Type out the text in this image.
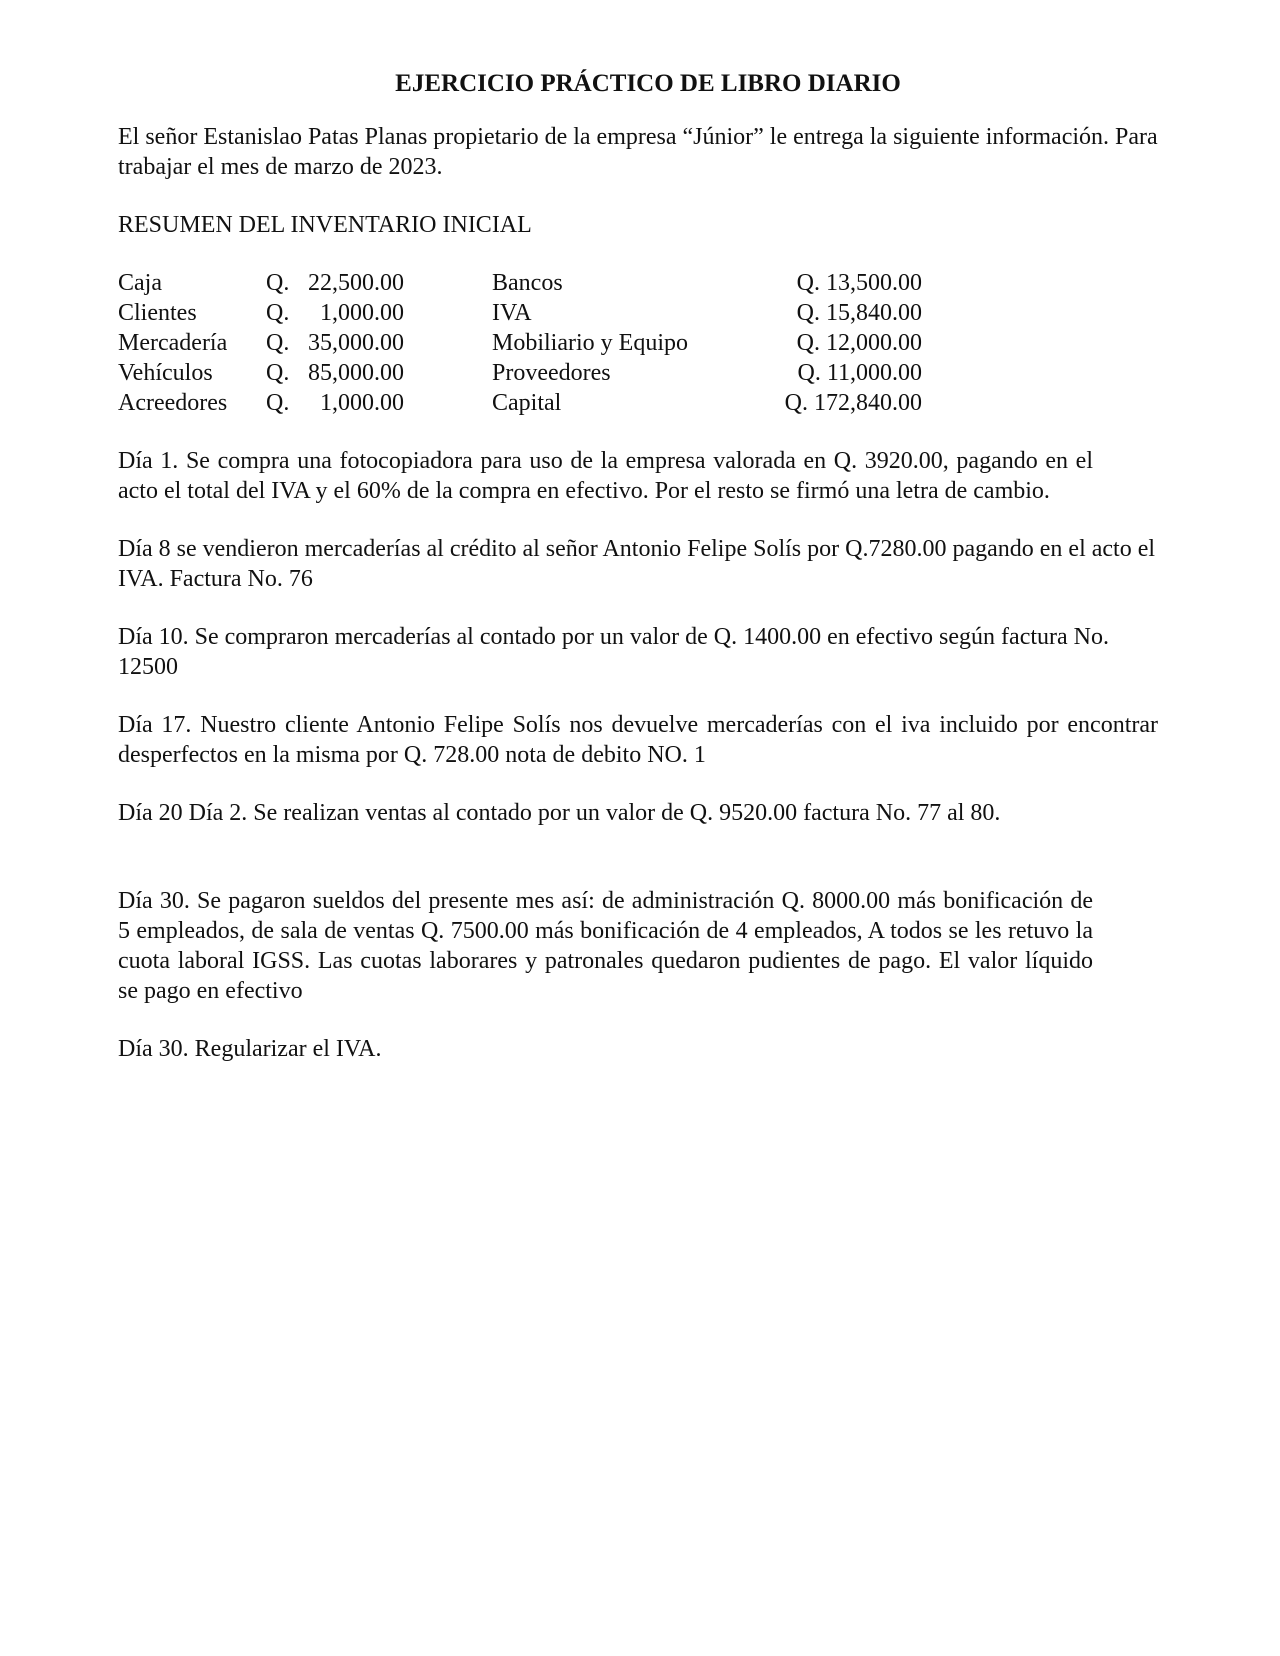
EJERCICIO PRÁCTICO DE LIBRO DIARIO

El señor Estanislao Patas Planas propietario de la empresa “Júnior” le entrega la siguiente información. Para trabajar el mes de marzo de 2023.

RESUMEN DEL INVENTARIO INICIAL

Caja	Q. 22,500.00	Bancos	Q. 13,500.00
Clientes	Q.	1,000.00	IVA	Q. 15,840.00
Mercadería	Q. 35,000.00	Mobiliario y Equipo	Q. 12,000.00
Vehículos	Q. 85,000.00	Proveedores	Q. 11,000.00
Acreedores	Q.	1,000.00	Capital	Q. 172,840.00

Día 1. Se compra una fotocopiadora para uso de la empresa valorada en Q. 3920.00, pagando en el acto el total del IVA y el 60% de la compra en efectivo. Por el resto se firmó una letra de cambio.

Día 8 se vendieron mercaderías al crédito al señor Antonio Felipe Solís por Q.7280.00 pagando en el acto el IVA. Factura No. 76

Día 10. Se compraron mercaderías al contado por un valor de Q. 1400.00 en efectivo según factura No. 12500

Día 17. Nuestro cliente Antonio Felipe Solís nos devuelve mercaderías con el iva incluido por encontrar desperfectos en la misma por Q. 728.00 nota de debito NO. 1

Día 20 Día 2. Se realizan ventas al contado por un valor de Q. 9520.00 factura No. 77 al 80.

Día 30. Se pagaron sueldos del presente mes así: de administración Q. 8000.00 más bonificación de 5 empleados, de sala de ventas Q. 7500.00 más bonificación de 4 empleados, A todos se les retuvo la cuota laboral IGSS. Las cuotas laborares y patronales quedaron pudientes de pago. El valor líquido se pago en efectivo

Día 30. Regularizar el IVA.
